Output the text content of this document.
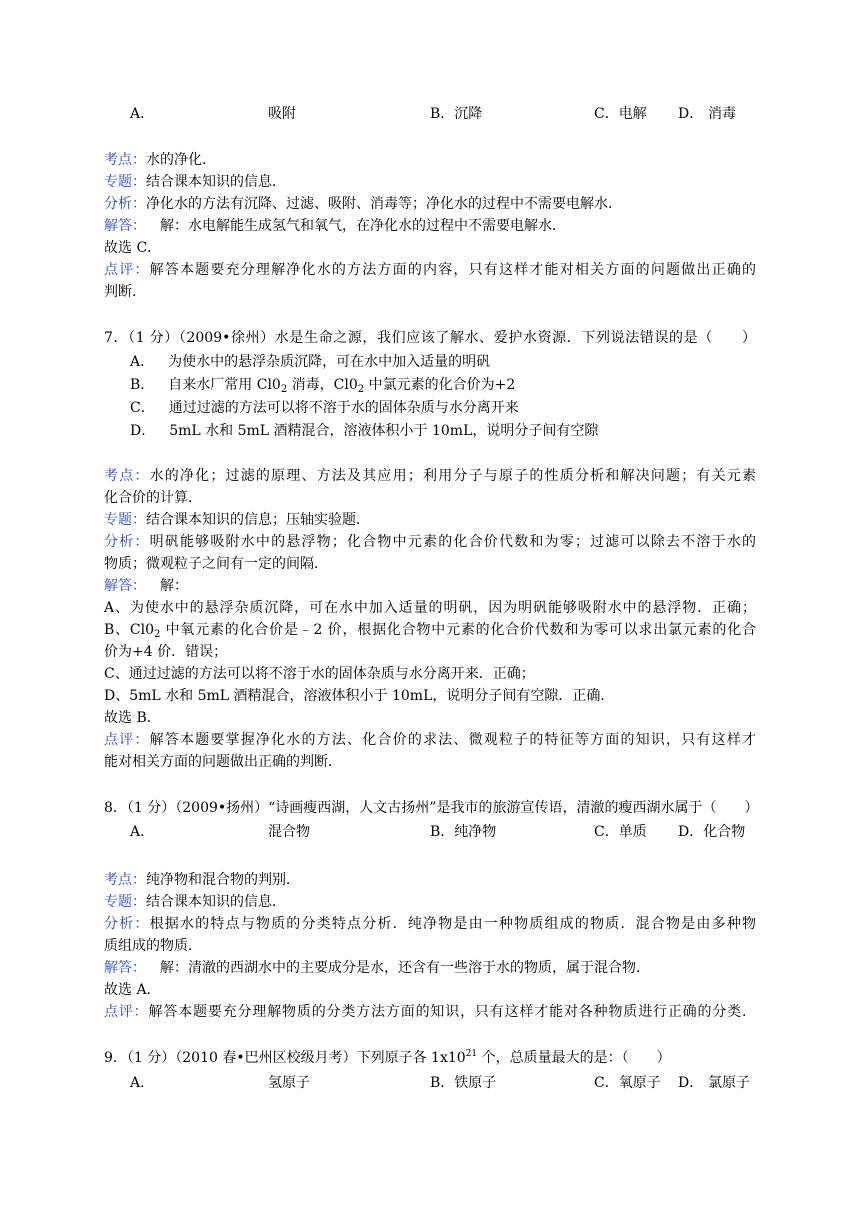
A．	吸附	B．沉降	C．电解 D． 消毒
考点：水的净化．
专题：结合课本知识的信息．
分析：净化水的方法有沉降、过滤、吸附、消毒等；净化水的过程中不需要电解水．
解答： 解：水电解能生成氢气和氧气，在净化水的过程中不需要电解水．
故选 C．
点评：解答本题要充分理解净化水的方法方面的内容，只有这样才能对相关方面的问题做出正确的
判断．
7．（1 分）（2009•徐州）水是生命之源，我们应该了解水、爱护水资源．下列说法错误的是（　　）
A． 为使水中的悬浮杂质沉降，可在水中加入适量的明矾
B． 自来水厂常用 $Cl0_2$ 消毒，$Cl0_2$ 中氯元素的化合价为+2
C． 通过过滤的方法可以将不溶于水的固体杂质与水分离开来
D． 5mL 水和 5mL 酒精混合，溶液体积小于 10mL，说明分子间有空隙
考点：水的净化；过滤的原理、方法及其应用；利用分子与原子的性质分析和解决问题；有关元素
化合价的计算．
专题：结合课本知识的信息；压轴实验题．
分析：明矾能够吸附水中的悬浮物；化合物中元素的化合价代数和为零；过滤可以除去不溶于水的
物质；微观粒子之间有一定的间隔．
解答： 解：
A、为使水中的悬浮杂质沉降，可在水中加入适量的明矾，因为明矾能够吸附水中的悬浮物．正确；
B、$Cl0_2$ 中氧元素的化合价是﹣2 价，根据化合物中元素的化合价代数和为零可以求出氯元素的化合
价为+4 价．错误；
C、通过过滤的方法可以将不溶于水的固体杂质与水分离开来．正确；
D、5mL 水和 5mL 酒精混合，溶液体积小于 10mL，说明分子间有空隙．正确．
故选 B．
点评：解答本题要掌握净化水的方法、化合价的求法、微观粒子的特征等方面的知识，只有这样才
能对相关方面的问题做出正确的判断．
8．（1 分）（2009•扬州）“诗画瘦西湖，人文古扬州”是我市的旅游宣传语，清澈的瘦西湖水属于（　　）
A．	混合物	B．纯净物	C．单质 D．化合物
考点：纯净物和混合物的判别．
专题：结合课本知识的信息．
分析：根据水的特点与物质的分类特点分析．纯净物是由一种物质组成的物质．混合物是由多种物
质组成的物质．
解答： 解：清澈的西湖水中的主要成分是水，还含有一些溶于水的物质，属于混合物．
故选 A．
点评：解答本题要充分理解物质的分类方法方面的知识，只有这样才能对各种物质进行正确的分类．
9．（1 分）（2010 春•巴州区校级月考）下列原子各 $1x10^{21}$ 个，总质量最大的是：（　　）
A．	氢原子	B．铁原子	C．氧原子 D． 氯原子
